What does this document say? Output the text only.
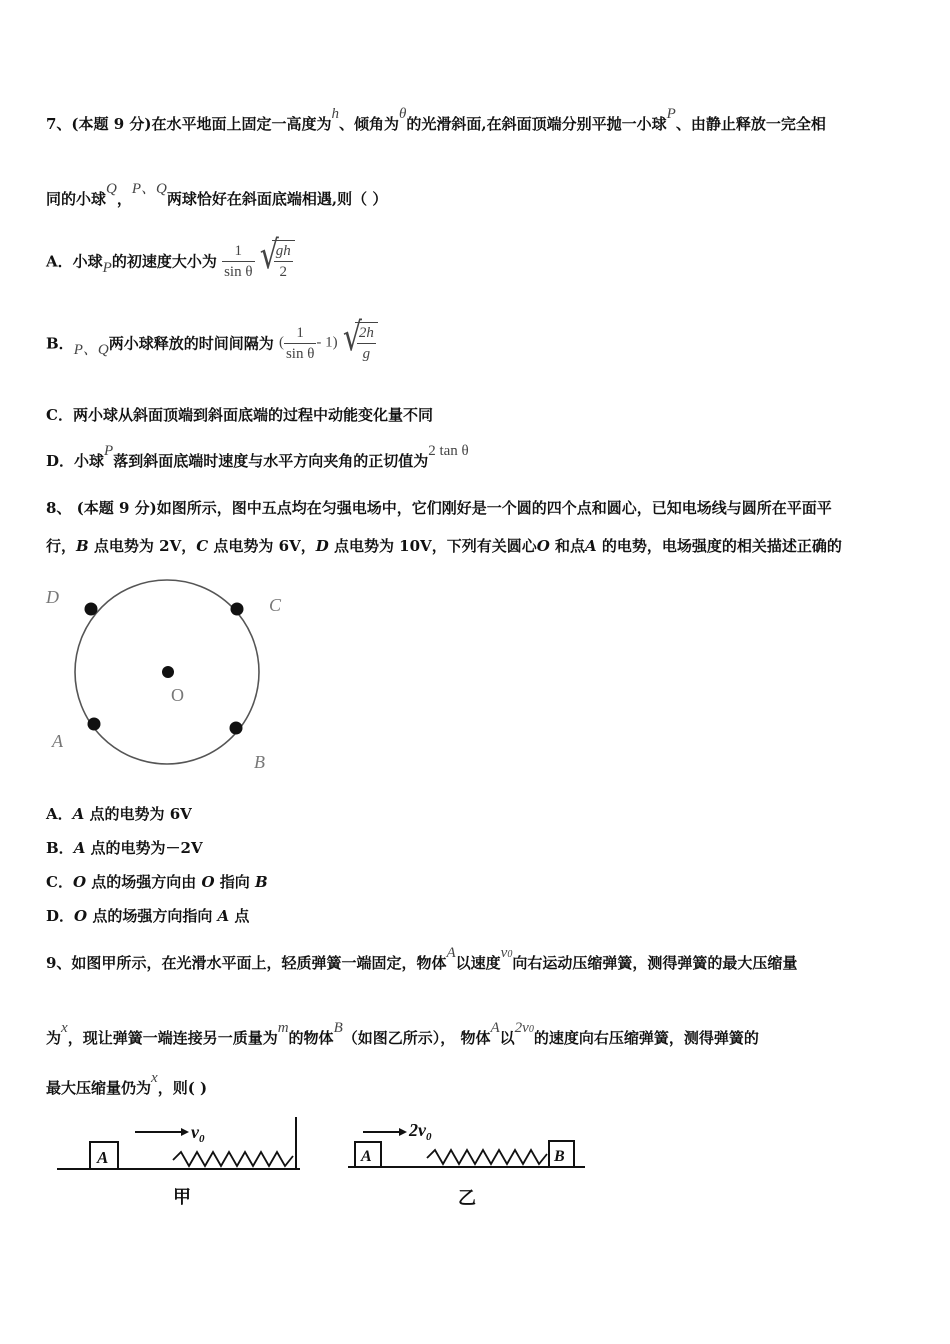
7、(本题 9 分)在水平地面上固定一高度为h、倾角为θ的光滑斜面,在斜面顶端分别平抛一小球P、由静止释放一完全相
同的小球Q，P、Q两球恰好在斜面底端相遇,则（ ）
A．小球P的初速度大小为 $\frac{1}{\text{sin θ}}$
√ $\frac{gh}{2}$
B．P、Q两小球释放的时间间隔为 ( $\frac{1}{\text{sin θ}} - 1$) √ $\frac{2h}{g}$
C．两小球从斜面顶端到斜面底端的过程中动能变化量不同
D．小球P落到斜面底端时速度与水平方向夹角的正切值为2 tan θ
8、 (本题 9 分)如图所示，图中五点均在匀强电场中，它们刚好是一个圆的四个点和圆心，已知电场线与圆所在平面平
行，B 点电势为 2V，C 点电势为 6V，D 点电势为 10V，下列有关圆心O 和点A 的电势，电场强度的相关描述正确的
D	C
O
A
B
A．A 点的电势为 6V
B．A 点的电势为－2V
C．O 点的场强方向由 O 指向 B
D．O 点的场强方向指向 A 点
9、如图甲所示，在光滑水平面上，轻质弹簧一端固定，物体A以速度v0向右运动压缩弹簧，测得弹簧的最大压缩量
为x，现让弹簧一端连接另一质量为m的物体B（如图乙所示）， 物体A以2v0的速度向右压缩弹簧，测得弹簧的
最大压缩量仍为x，则( )
A
$v_0$
甲
A
$2v_0$
B
乙
